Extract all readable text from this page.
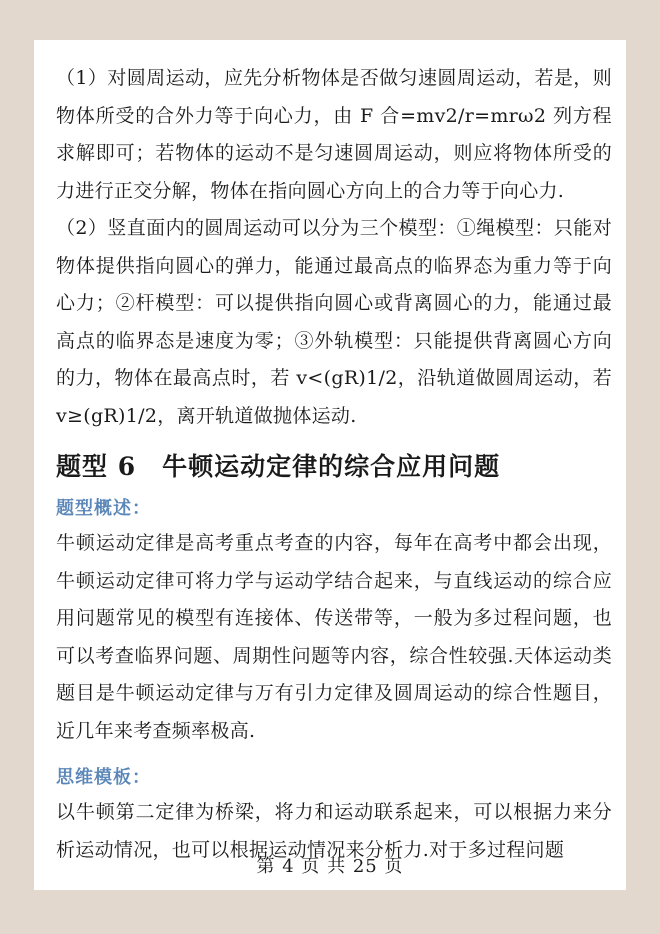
（1）对圆周运动，应先分析物体是否做匀速圆周运动，若是，则物体所受的合外力等于向心力，由 F 合=mv2/r=mrω2 列方程求解即可；若物体的运动不是匀速圆周运动，则应将物体所受的力进行正交分解，物体在指向圆心方向上的合力等于向心力.

（2）竖直面内的圆周运动可以分为三个模型：①绳模型：只能对物体提供指向圆心的弹力，能通过最高点的临界态为重力等于向心力；②杆模型：可以提供指向圆心或背离圆心的力，能通过最高点的临界态是速度为零；③外轨模型：只能提供背离圆心方向的力，物体在最高点时，若 v<(gR)1/2，沿轨道做圆周运动，若 v≥(gR)1/2，离开轨道做抛体运动.

题型 6　牛顿运动定律的综合应用问题
题型概述：

牛顿运动定律是高考重点考查的内容，每年在高考中都会出现，牛顿运动定律可将力学与运动学结合起来，与直线运动的综合应用问题常见的模型有连接体、传送带等，一般为多过程问题，也可以考查临界问题、周期性问题等内容，综合性较强.天体运动类题目是牛顿运动定律与万有引力定律及圆周运动的综合性题目，近几年来考查频率极高.

思维模板：

以牛顿第二定律为桥梁，将力和运动联系起来，可以根据力来分析运动情况，也可以根据运动情况来分析力.对于多过程问题

第 4 页 共 25 页
